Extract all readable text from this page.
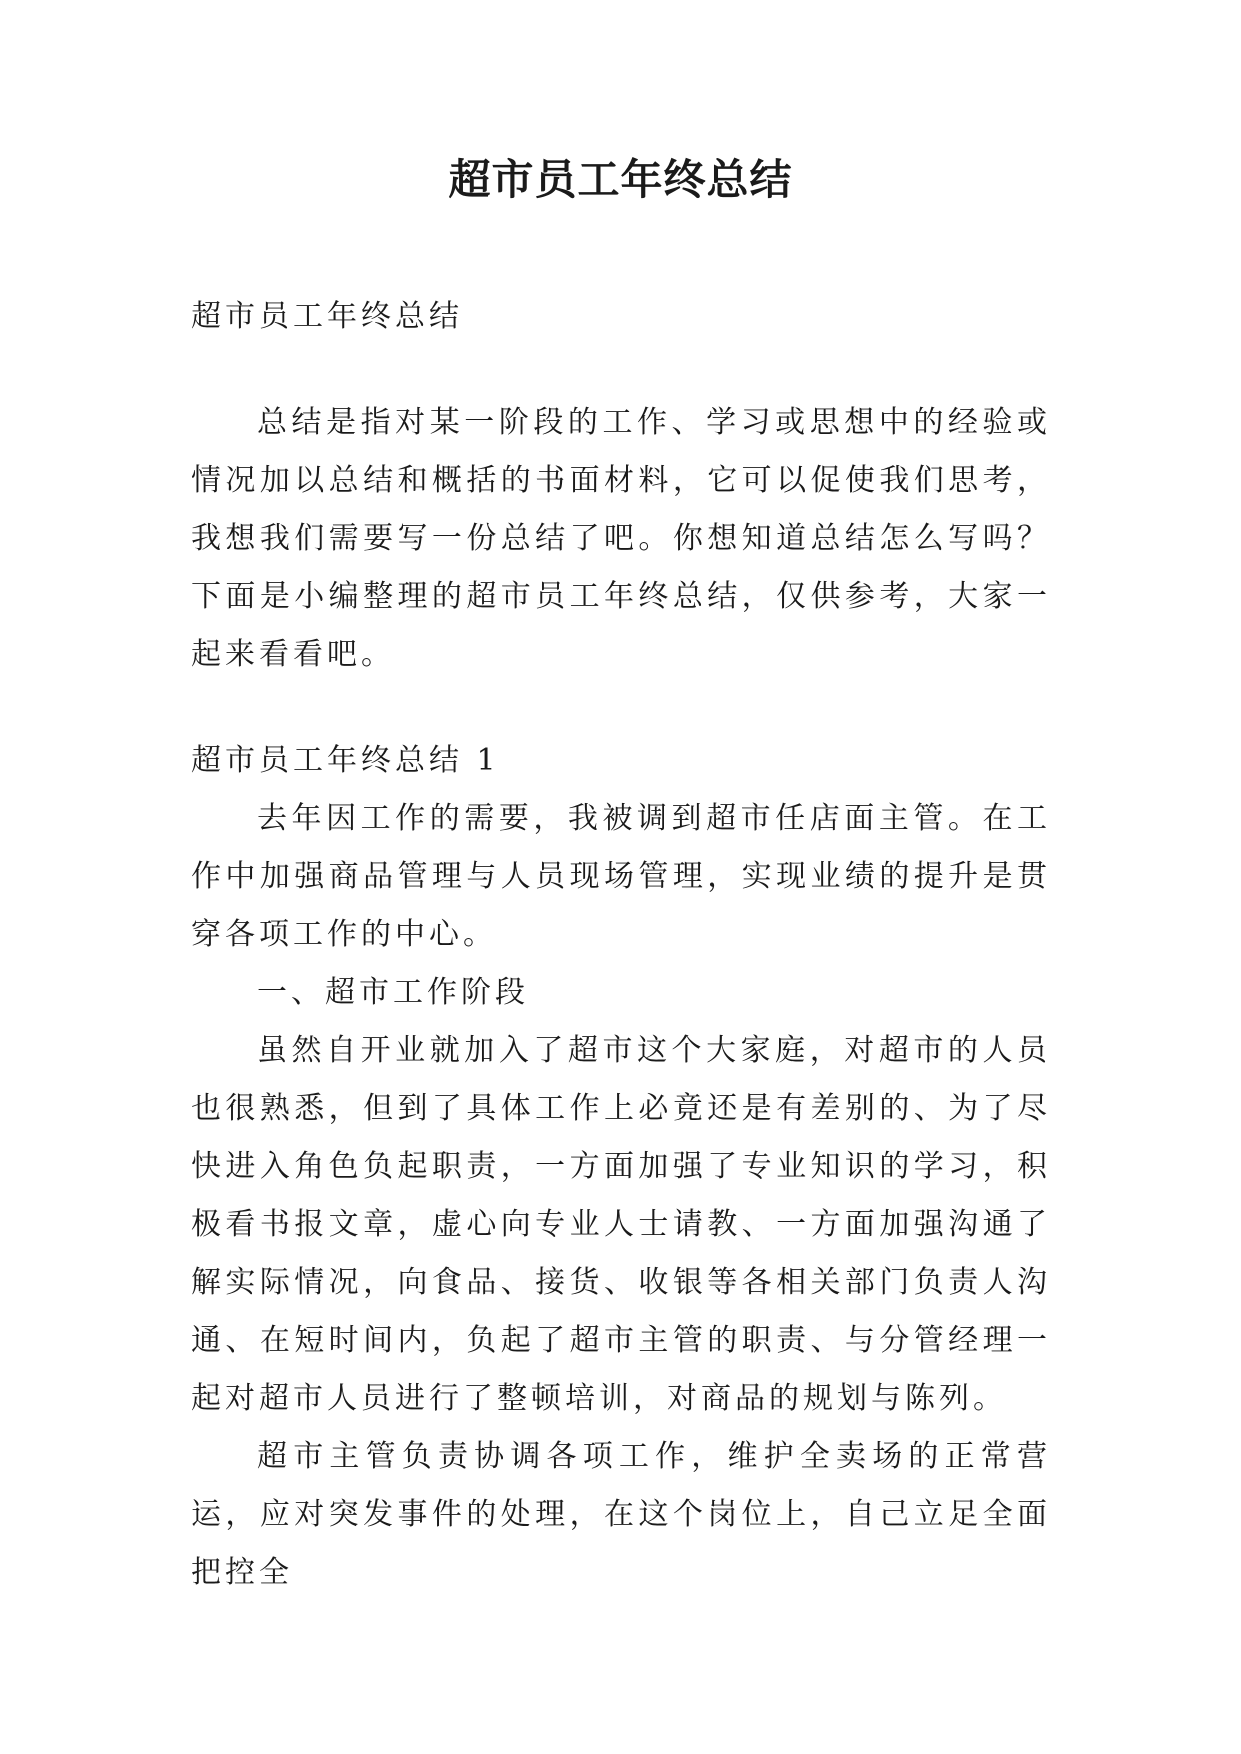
超市员工年终总结

超市员工年终总结

总结是指对某一阶段的工作、学习或思想中的经验或情况加以总结和概括的书面材料，它可以促使我们思考，我想我们需要写一份总结了吧。你想知道总结怎么写吗？下面是小编整理的超市员工年终总结，仅供参考，大家一起来看看吧。

超市员工年终总结 1

去年因工作的需要，我被调到超市任店面主管。在工作中加强商品管理与人员现场管理，实现业绩的提升是贯穿各项工作的中心。

一、超市工作阶段

虽然自开业就加入了超市这个大家庭，对超市的人员也很熟悉，但到了具体工作上必竟还是有差别的、为了尽快进入角色负起职责，一方面加强了专业知识的学习，积极看书报文章，虚心向专业人士请教、一方面加强沟通了解实际情况，向食品、接货、收银等各相关部门负责人沟通、在短时间内，负起了超市主管的职责、与分管经理一起对超市人员进行了整顿培训，对商品的规划与陈列。

超市主管负责协调各项工作，维护全卖场的正常营运，应对突发事件的处理，在这个岗位上，自己立足全面把控全
